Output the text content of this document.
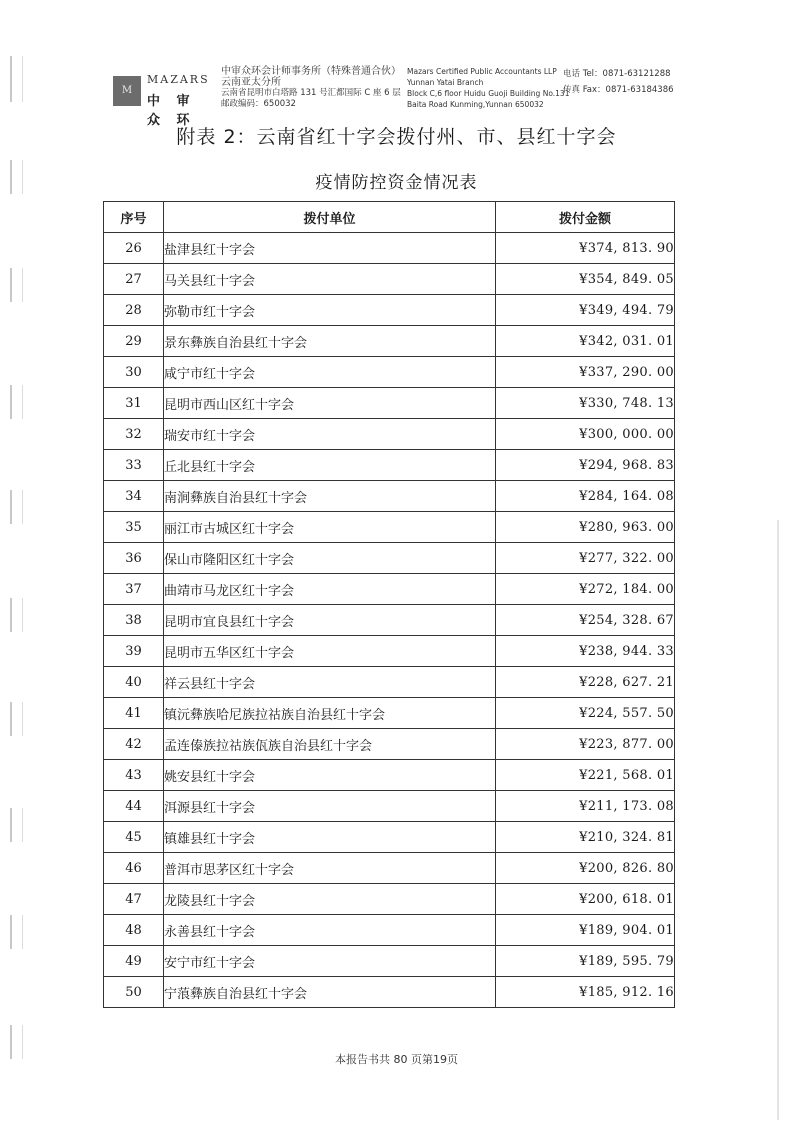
M
MAZARS
中 审 众 环
中审众环会计师事务所（特殊普通合伙）
云南亚太分所
云南省昆明市白塔路 131 号汇都国际 C 座 6 层
邮政编码：650032
Mazars Certified Public Accountants LLP
Yunnan Yatai Branch
Block C,6 floor Huidu Guoji Building No.131
Baita Road Kunming,Yunnan 650032
电话 Tel：0871-63121288
传真 Fax：0871-63184386
附表 2：云南省红十字会拨付州、市、县红十字会
疫情防控资金情况表
序号	拨付单位	拨付金额
26	盐津县红十字会	¥374, 813. 90
27	马关县红十字会	¥354, 849. 05
28	弥勒市红十字会	¥349, 494. 79
29	景东彝族自治县红十字会	¥342, 031. 01
30	咸宁市红十字会	¥337, 290. 00
31	昆明市西山区红十字会	¥330, 748. 13
32	瑞安市红十字会	¥300, 000. 00
33	丘北县红十字会	¥294, 968. 83
34	南涧彝族自治县红十字会	¥284, 164. 08
35	丽江市古城区红十字会	¥280, 963. 00
36	保山市隆阳区红十字会	¥277, 322. 00
37	曲靖市马龙区红十字会	¥272, 184. 00
38	昆明市宜良县红十字会	¥254, 328. 67
39	昆明市五华区红十字会	¥238, 944. 33
40	祥云县红十字会	¥228, 627. 21
41	镇沅彝族哈尼族拉祜族自治县红十字会	¥224, 557. 50
42	孟连傣族拉祜族佤族自治县红十字会	¥223, 877. 00
43	姚安县红十字会	¥221, 568. 01
44	洱源县红十字会	¥211, 173. 08
45	镇雄县红十字会	¥210, 324. 81
46	普洱市思茅区红十字会	¥200, 826. 80
47	龙陵县红十字会	¥200, 618. 01
48	永善县红十字会	¥189, 904. 01
49	安宁市红十字会	¥189, 595. 79
50	宁蒗彝族自治县红十字会	¥185, 912. 16
本报告书共 80 页第19页
